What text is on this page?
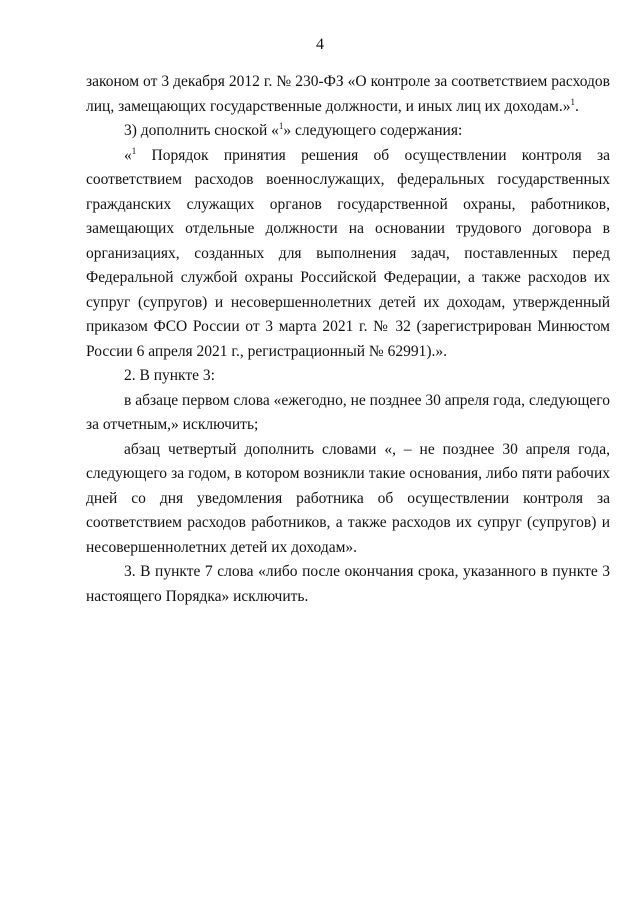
4

законом от 3 декабря 2012 г. № 230-ФЗ «О контроле за соответствием расходов лиц, замещающих государственные должности, и иных лиц их доходам.»$^1$.

3) дополнить сноской «$^1$» следующего содержания:

«$^1$ Порядок принятия решения об осуществлении контроля за соответствием расходов военнослужащих, федеральных государственных гражданских служащих органов государственной охраны, работников, замещающих отдельные должности на основании трудового договора в организациях, созданных для выполнения задач, поставленных перед Федеральной службой охраны Российской Федерации, а также расходов их супруг (супругов) и несовершеннолетних детей их доходам, утвержденный приказом ФСО России от 3 марта 2021 г. № 32 (зарегистрирован Минюстом России 6 апреля 2021 г., регистрационный № 62991).».

2. В пункте 3:

в абзаце первом слова «ежегодно, не позднее 30 апреля года, следующего за отчетным,» исключить;

абзац четвертый дополнить словами «, – не позднее 30 апреля года, следующего за годом, в котором возникли такие основания, либо пяти рабочих дней со дня уведомления работника об осуществлении контроля за соответствием расходов работников, а также расходов их супруг (супругов) и несовершеннолетних детей их доходам».

3. В пункте 7 слова «либо после окончания срока, указанного в пункте 3 настоящего Порядка» исключить.
